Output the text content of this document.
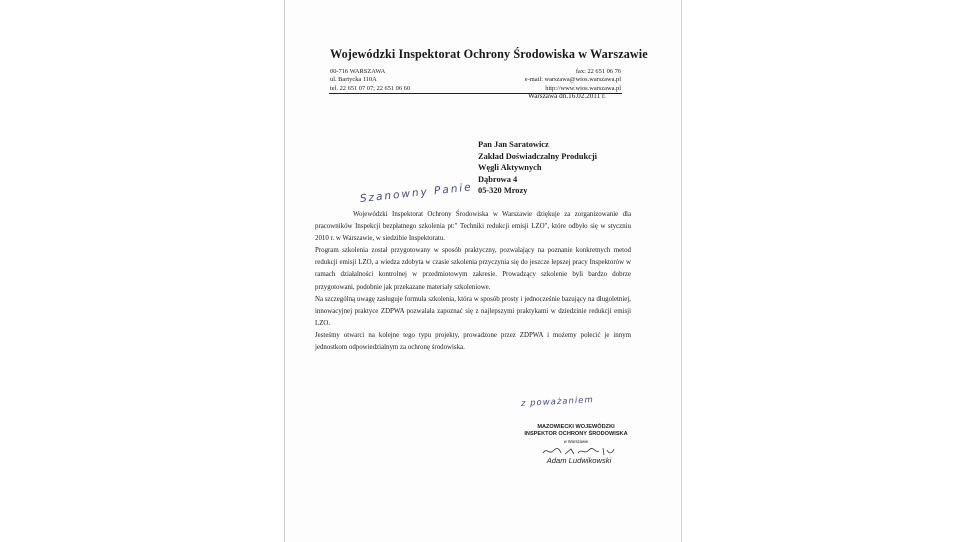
Wojewódzki Inspektorat Ochrony Środowiska w Warszawie
00-716 WARSZAWA
ul. Bartycka 110A
tel. 22 651 07 07; 22 651 06 60
fax: 22 651 06 76
e-mail: warszawa@wios.warszawa.pl
http://www.wios.warszawa.pl
Warszawa dn.16.02.2011 r.
Pan Jan Saratowicz
Zakład Doświadczalny Produkcji
Węgli Aktywnych
Dąbrowa 4
05-320 Mrozy
Szanowny Panie

Wojewódzki Inspektorat Ochrony Środowiska w Warszawie dziękuje za zorganizowanie dla pracowników Inspekcji bezpłatnego szkolenia pt:" Techniki redukcji emisji LZO", które odbyło się w styczniu 2010 r. w Warszawie, w siedzibie Inspektoratu.

Program szkolenia został przygotowany w sposób praktyczny, pozwalający na poznanie konkretnych metod redukcji emisji LZO, a wiedza zdobyta w czasie szkolenia przyczynia się do jeszcze lepszej pracy Inspektorów w ramach działalności kontrolnej w przedmiotowym zakresie. Prowadzący szkolenie byli bardzo dobrze przygotowani, podobnie jak przekazane materiały szkoleniowe.

Na szczególną uwagę zasługuje formuła szkolenia, która w sposób prosty i jednocześnie bazujący na długoletniej, innowacyjnej praktyce ZDPWA pozwalała zapoznać się z najlepszymi praktykami w dziedzinie redukcji emisji LZO.

Jesteśmy otwarci na kolejne tego typu projekty, prowadzone przez ZDPWA i możemy polecić je innym jednostkom odpowiedzialnym za ochronę środowiska.

z poważaniem
MAZOWIECKI WOJEWÓDZKI
INSPEKTOR OCHRONY ŚRODOWISKA
w Warszawie
Adam Ludwikowski
